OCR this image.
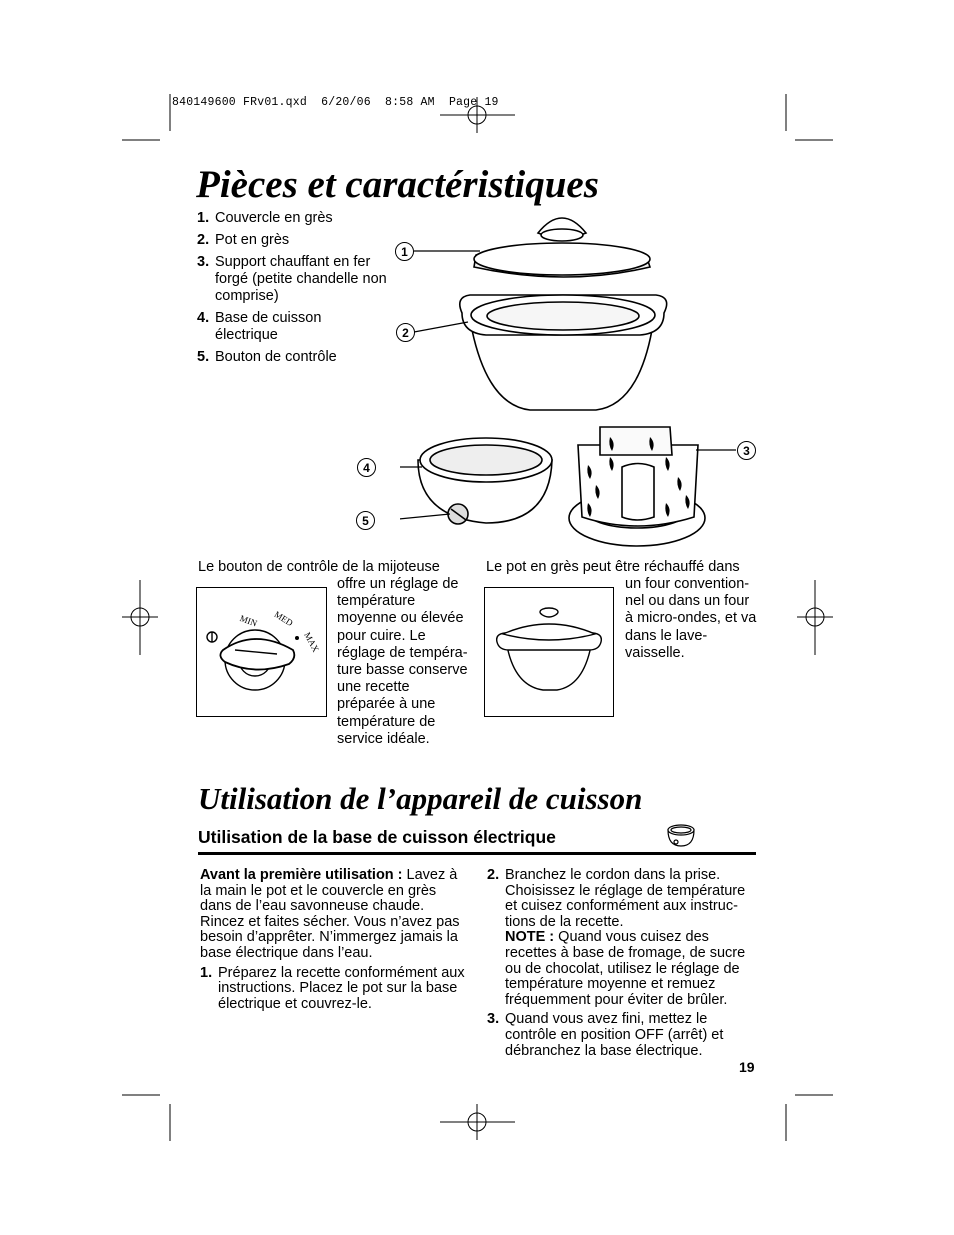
840149600 FRv01.qxd  6/20/06  8:58 AM  Page 19
Pièces et caractéristiques
1. Couvercle en grès
2. Pot en grès
3. Support chauffant en fer forgé (petite chandelle non comprise)
4. Base de cuisson électrique
5. Bouton de contrôle
1
2
3
4
5
Le bouton de contrôle de la mijoteuse
MIN MED
MAX
offre un réglage de température moyenne ou élevée pour cuire. Le réglage de tempéra-ture basse conserve une recette préparée à une température de service idéale.
Le pot en grès peut être réchauffé dans
un four convention-nel ou dans un four à micro-ondes, et va dans le lave-vaisselle.
Utilisation de l’appareil de cuisson
Utilisation de la base de cuisson électrique
Avant la première utilisation : Lavez à la main le pot et le couvercle en grès dans de l’eau savonneuse chaude. Rincez et faites sécher. Vous n’avez pas besoin d’apprêter. N’immergez jamais la base électrique dans l’eau.
1. Préparez la recette conformément aux instructions. Placez le pot sur la base électrique et couvrez-le.
2. Branchez le cordon dans la prise. Choisissez le réglage de température et cuisez conformément aux instruc-tions de la recette.
NOTE : Quand vous cuisez des recettes à base de fromage, de sucre ou de chocolat, utilisez le réglage de température moyenne et remuez fréquemment pour éviter de brûler.
3. Quand vous avez fini, mettez le contrôle en position OFF (arrêt) et débranchez la base électrique.
19
